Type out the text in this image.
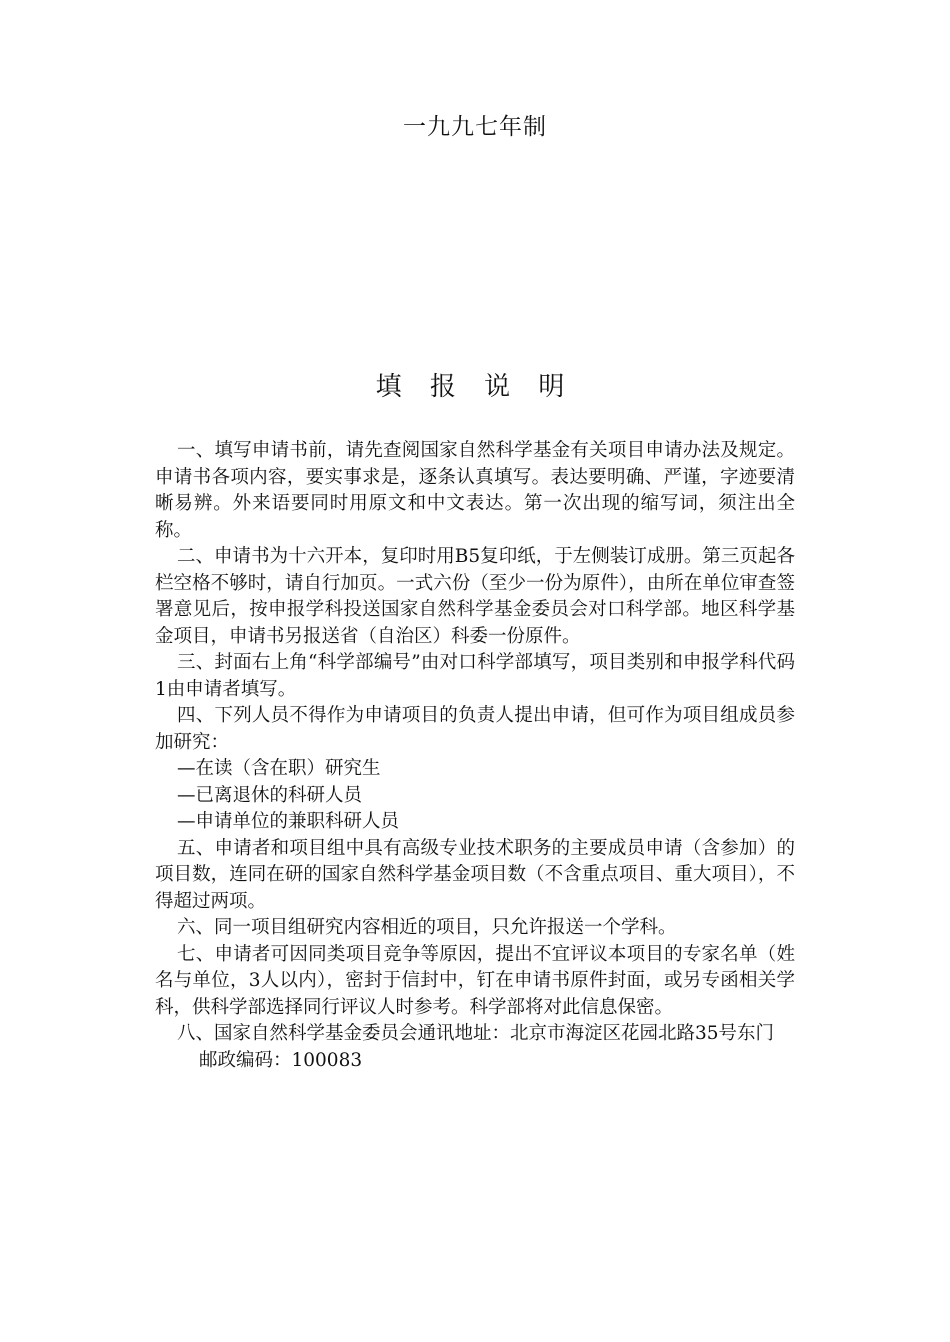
一九九七年制
填 报 说 明

一、填写申请书前，请先查阅国家自然科学基金有关项目申请办法及规定。申请书各项内容，要实事求是，逐条认真填写。表达要明确、严谨，字迹要清晰易辨。外来语要同时用原文和中文表达。第一次出现的缩写词，须注出全称。

二、申请书为十六开本，复印时用B5复印纸，于左侧装订成册。第三页起各栏空格不够时，请自行加页。一式六份（至少一份为原件），由所在单位审查签署意见后，按申报学科投送国家自然科学基金委员会对口科学部。地区科学基金项目，申请书另报送省（自治区）科委一份原件。

三、封面右上角“科学部编号”由对口科学部填写，项目类别和申报学科代码1由申请者填写。

四、下列人员不得作为申请项目的负责人提出申请，但可作为项目组成员参加研究：

—在读（含在职）研究生

—已离退休的科研人员

—申请单位的兼职科研人员

五、申请者和项目组中具有高级专业技术职务的主要成员申请（含参加）的项目数，连同在研的国家自然科学基金项目数（不含重点项目、重大项目），不得超过两项。

六、同一项目组研究内容相近的项目，只允许报送一个学科。

七、申请者可因同类项目竞争等原因，提出不宜评议本项目的专家名单（姓名与单位，3人以内），密封于信封中，钉在申请书原件封面，或另专函相关学科，供科学部选择同行评议人时参考。科学部将对此信息保密。

八、国家自然科学基金委员会通讯地址：北京市海淀区花园北路35号东门

邮政编码：100083
